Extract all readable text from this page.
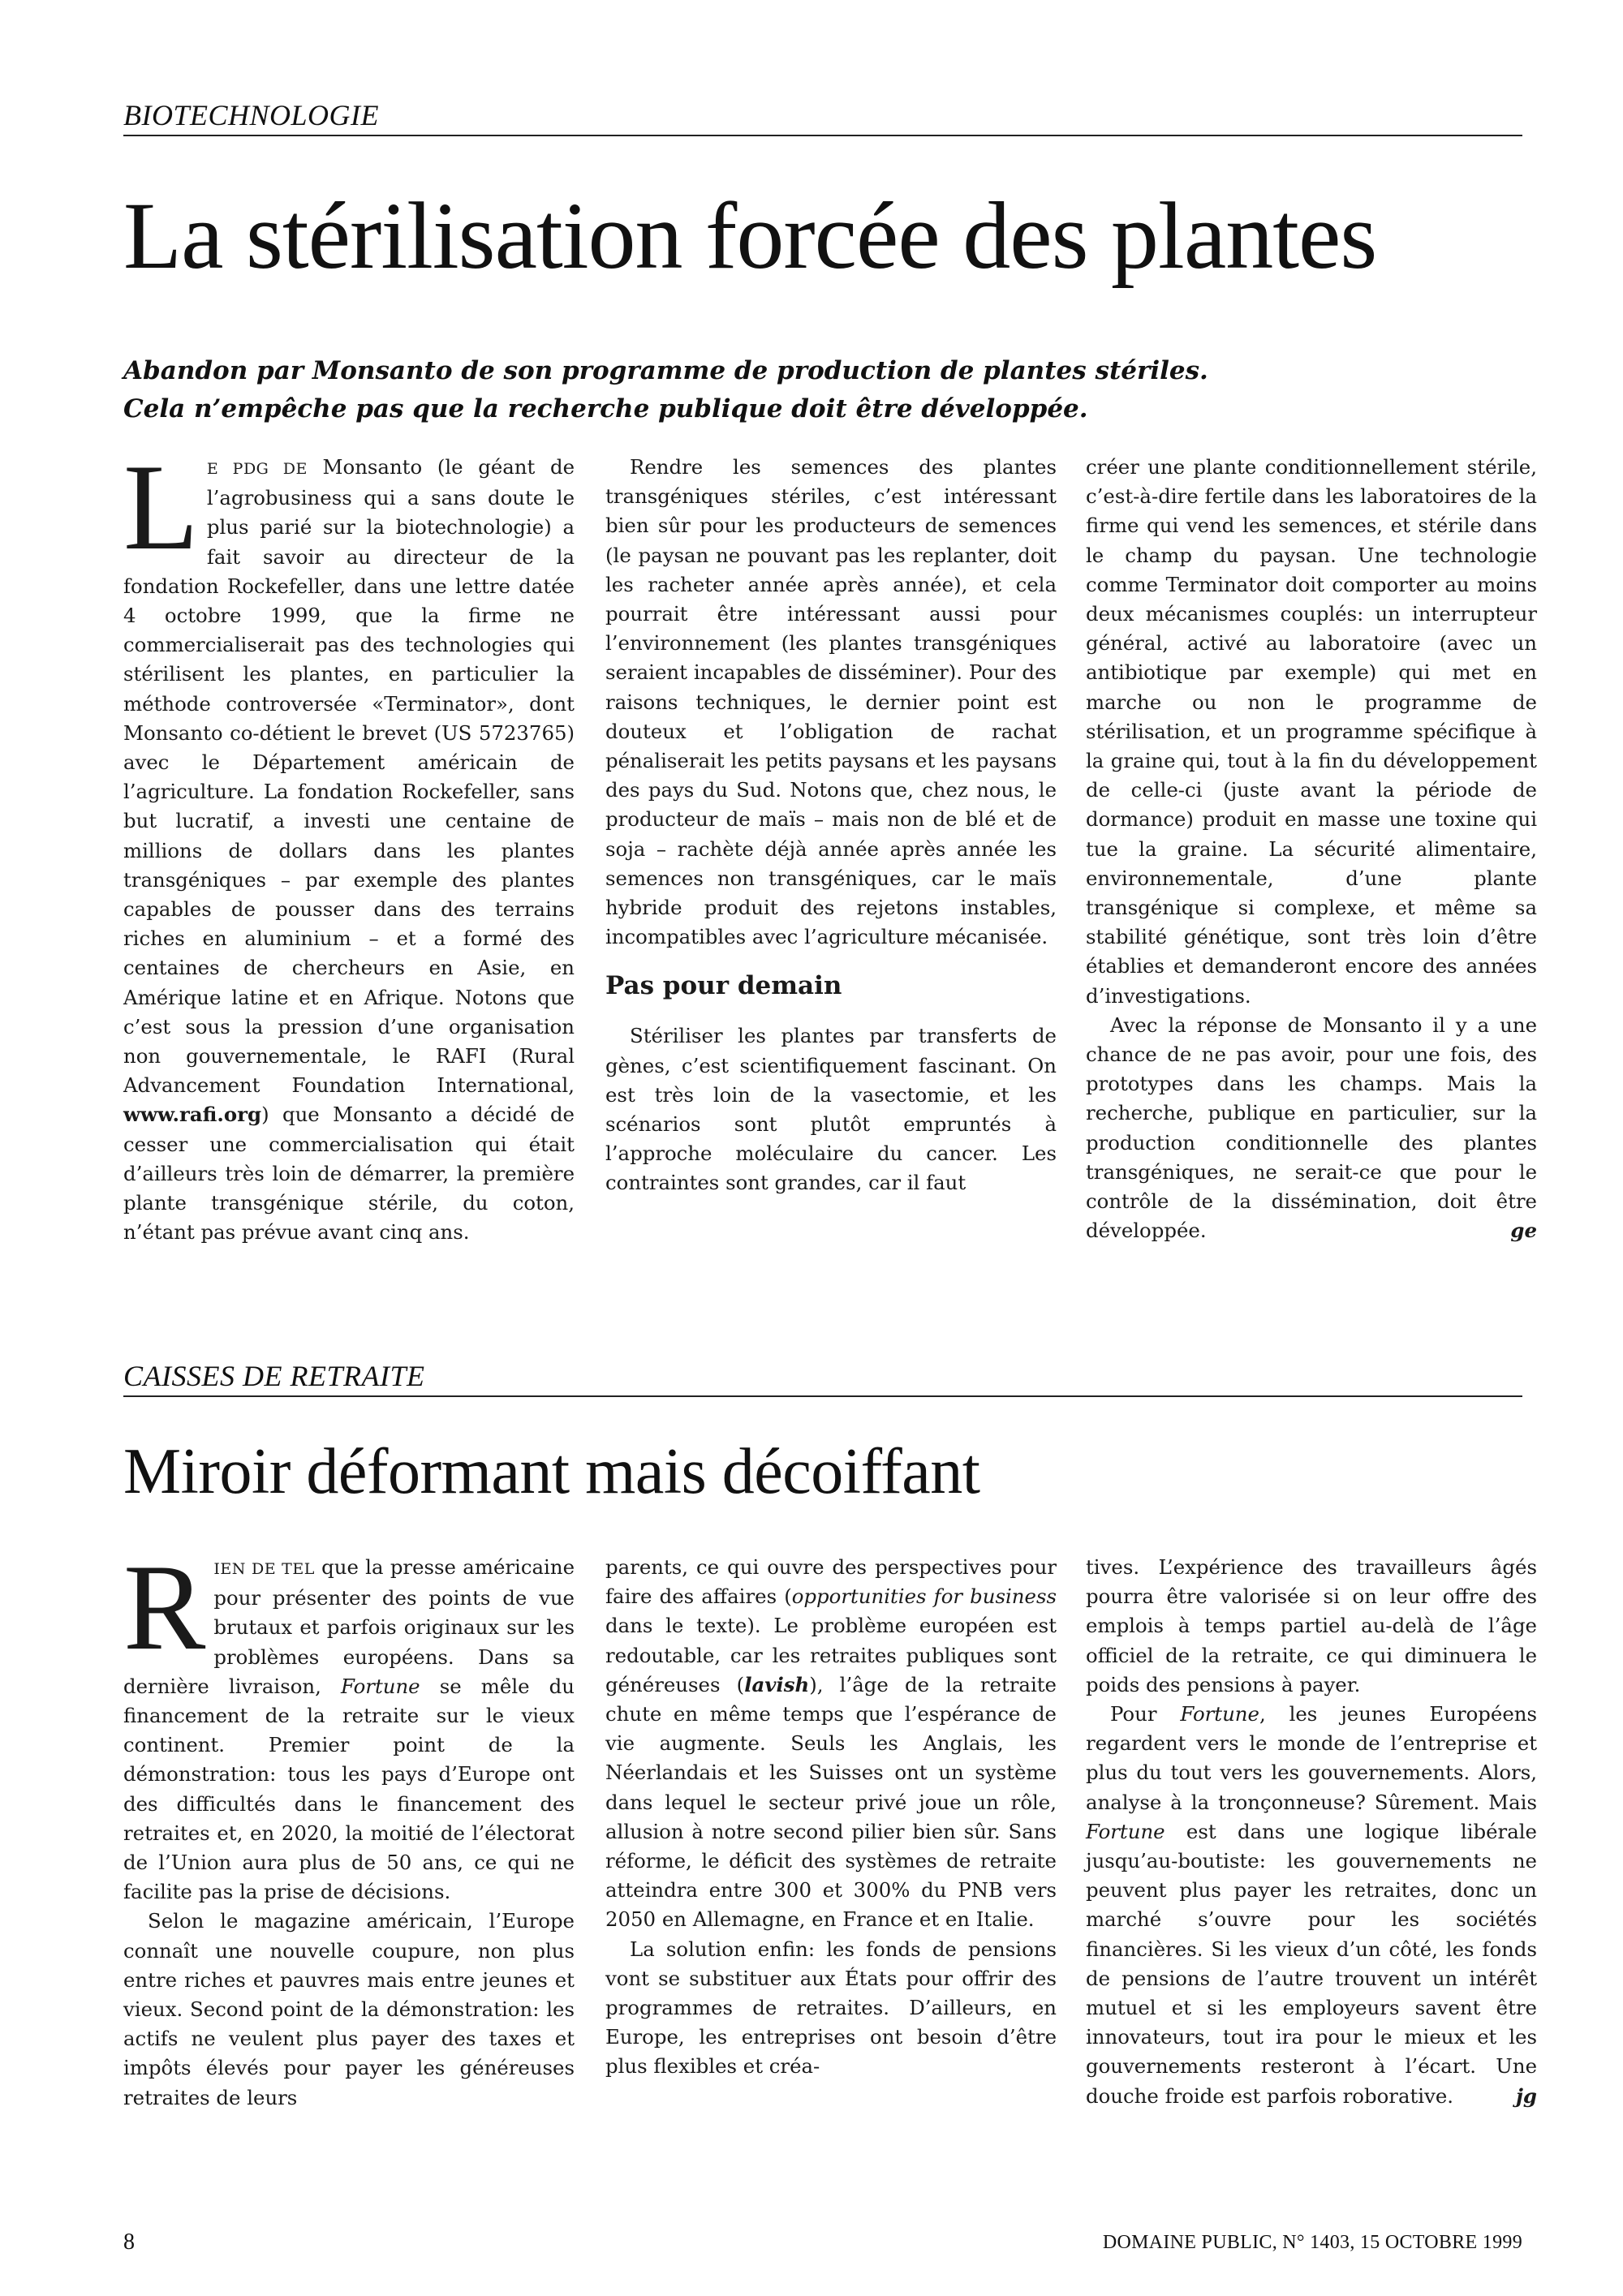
BIOTECHNOLOGIE
La stérilisation forcée des plantes

Abandon par Monsanto de son programme de production de plantes stériles.

Cela n’empêche pas que la recherche publique doit être développée.

LE PDG DE Monsanto (le géant de l’agrobusiness qui a sans doute le plus parié sur la biotechnologie) a fait savoir au directeur de la fondation Rockefeller, dans une lettre datée 4 octobre 1999, que la firme ne commercialiserait pas des technologies qui stérilisent les plantes, en particulier la méthode controversée «Terminator», dont Monsanto co-détient le brevet (US 5723765) avec le Département américain de l’agriculture. La fondation Rockefeller, sans but lucratif, a investi une centaine de millions de dollars dans les plantes transgéniques – par exemple des plantes capables de pousser dans des terrains riches en aluminium – et a formé des centaines de chercheurs en Asie, en Amérique latine et en Afrique. Notons que c’est sous la pression d’une organisation non gouvernementale, le RAFI (Rural Advancement Foundation International, www.rafi.org) que Monsanto a décidé de cesser une commercialisation qui était d’ailleurs très loin de démarrer, la première plante transgénique stérile, du coton, n’étant pas prévue avant cinq ans.

Rendre les semences des plantes transgéniques stériles, c’est intéressant bien sûr pour les producteurs de semences (le paysan ne pouvant pas les replanter, doit les racheter année après année), et cela pourrait être intéressant aussi pour l’environnement (les plantes transgéniques seraient incapables de disséminer). Pour des raisons techniques, le dernier point est douteux et l’obligation de rachat pénaliserait les petits paysans et les paysans des pays du Sud. Notons que, chez nous, le producteur de maïs – mais non de blé et de soja – rachète déjà année après année les semences non transgéniques, car le maïs hybride produit des rejetons instables, incompatibles avec l’agriculture mécanisée.

Pas pour demain

Stériliser les plantes par transferts de gènes, c’est scientifiquement fascinant. On est très loin de la vasectomie, et les scénarios sont plutôt empruntés à l’approche moléculaire du cancer. Les contraintes sont grandes, car il faut

créer une plante conditionnellement stérile, c’est-à-dire fertile dans les laboratoires de la firme qui vend les semences, et stérile dans le champ du paysan. Une technologie comme Terminator doit comporter au moins deux mécanismes couplés: un interrupteur général, activé au laboratoire (avec un antibiotique par exemple) qui met en marche ou non le programme de stérilisation, et un programme spécifique à la graine qui, tout à la fin du développement de celle-ci (juste avant la période de dormance) produit en masse une toxine qui tue la graine. La sécurité alimentaire, environnementale, d’une plante transgénique si complexe, et même sa stabilité génétique, sont très loin d’être établies et demanderont encore des années d’investigations.

Avec la réponse de Monsanto il y a une chance de ne pas avoir, pour une fois, des prototypes dans les champs. Mais la recherche, publique en particulier, sur la production conditionnelle des plantes transgéniques, ne serait-ce que pour le contrôle de la dissémination, doit être développée.	ge

CAISSES DE RETRAITE
Miroir déformant mais décoiffant

RIEN DE TEL que la presse américaine pour présenter des points de vue brutaux et parfois originaux sur les problèmes européens. Dans sa dernière livraison, Fortune se mêle du financement de la retraite sur le vieux continent. Premier point de la démonstration: tous les pays d’Europe ont des difficultés dans le financement des retraites et, en 2020, la moitié de l’électorat de l’Union aura plus de 50 ans, ce qui ne facilite pas la prise de décisions.

Selon le magazine américain, l’Europe connaît une nouvelle coupure, non plus entre riches et pauvres mais entre jeunes et vieux. Second point de la démonstration: les actifs ne veulent plus payer des taxes et impôts élevés pour payer les généreuses retraites de leurs

parents, ce qui ouvre des perspectives pour faire des affaires (opportunities for business dans le texte). Le problème européen est redoutable, car les retraites publiques sont généreuses (lavish), l’âge de la retraite chute en même temps que l’espérance de vie augmente. Seuls les Anglais, les Néerlandais et les Suisses ont un système dans lequel le secteur privé joue un rôle, allusion à notre second pilier bien sûr. Sans réforme, le déficit des systèmes de retraite atteindra entre 300 et 300% du PNB vers 2050 en Allemagne, en France et en Italie.

La solution enfin: les fonds de pensions vont se substituer aux États pour offrir des programmes de retraites. D’ailleurs, en Europe, les entreprises ont besoin d’être plus flexibles et créa-

tives. L’expérience des travailleurs âgés pourra être valorisée si on leur offre des emplois à temps partiel au-delà de l’âge officiel de la retraite, ce qui diminuera le poids des pensions à payer.

Pour Fortune, les jeunes Européens regardent vers le monde de l’entreprise et plus du tout vers les gouvernements. Alors, analyse à la tronçonneuse? Sûrement. Mais Fortune est dans une logique libérale jusqu’au-boutiste: les gouvernements ne peuvent plus payer les retraites, donc un marché s’ouvre pour les sociétés financières. Si les vieux d’un côté, les fonds de pensions de l’autre trouvent un intérêt mutuel et si les employeurs savent être innovateurs, tout ira pour le mieux et les gouvernements resteront à l’écart. Une douche froide est parfois roborative.	jg

8	DOMAINE PUBLIC, N° 1403, 15 OCTOBRE 1999
